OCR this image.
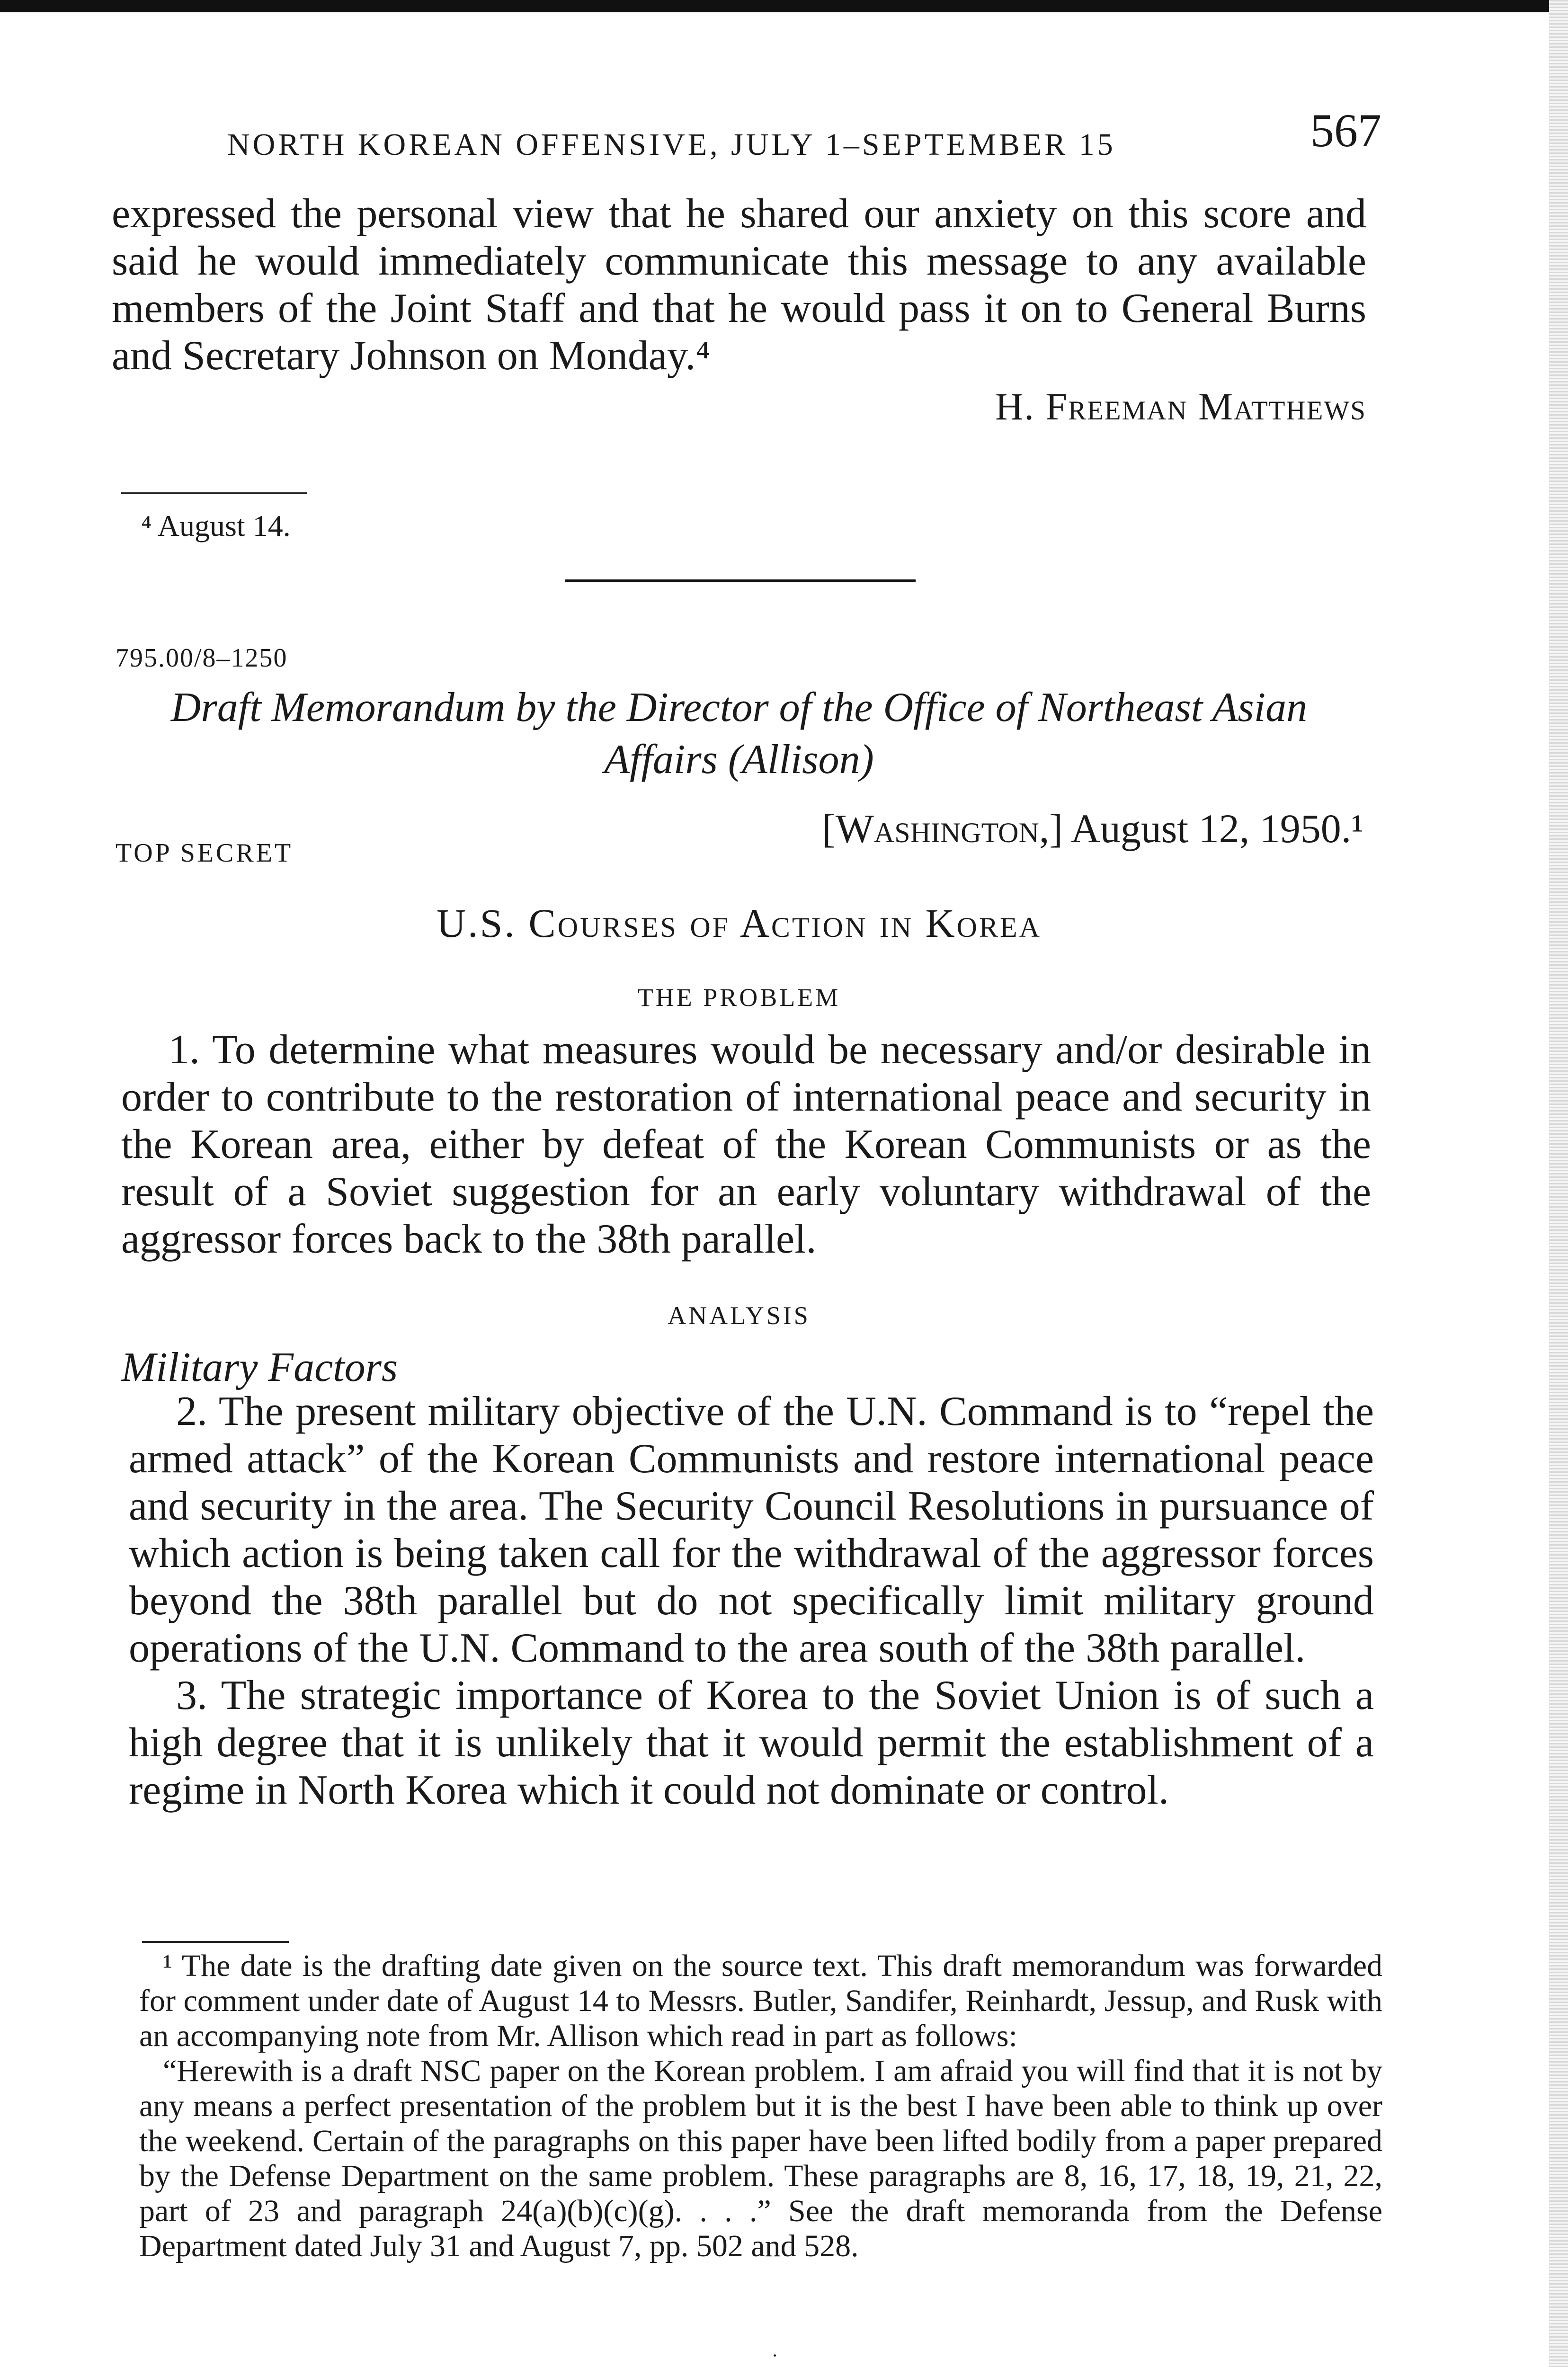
NORTH KOREAN OFFENSIVE, JULY 1–SEPTEMBER 15	567

expressed the personal view that he shared our anxiety on this score and said he would immediately communicate this message to any available members of the Joint Staff and that he would pass it on to General Burns and Secretary Johnson on Monday.⁴

H. Freeman Matthews
⁴ August 14.
795.00/8–1250
Draft Memorandum by the Director of the Office of Northeast Asian Affairs (Allison)
TOP SECRET
[Washington,] August 12, 1950.¹
U.S. Courses of Action in Korea
THE PROBLEM

1. To determine what measures would be necessary and/or desirable in order to contribute to the restoration of international peace and security in the Korean area, either by defeat of the Korean Communists or as the result of a Soviet suggestion for an early voluntary withdrawal of the aggressor forces back to the 38th parallel.

ANALYSIS
Military Factors

2. The present military objective of the U.N. Command is to “repel the armed attack” of the Korean Communists and restore international peace and security in the area. The Security Council Resolutions in pursuance of which action is being taken call for the withdrawal of the aggressor forces beyond the 38th parallel but do not specifically limit military ground operations of the U.N. Command to the area south of the 38th parallel.

3. The strategic importance of Korea to the Soviet Union is of such a high degree that it is unlikely that it would permit the establishment of a regime in North Korea which it could not dominate or control.

¹ The date is the drafting date given on the source text. This draft memorandum was forwarded for comment under date of August 14 to Messrs. Butler, Sandifer, Reinhardt, Jessup, and Rusk with an accompanying note from Mr. Allison which read in part as follows:

“Herewith is a draft NSC paper on the Korean problem. I am afraid you will find that it is not by any means a perfect presentation of the problem but it is the best I have been able to think up over the weekend. Certain of the paragraphs on this paper have been lifted bodily from a paper prepared by the Defense Department on the same problem. These paragraphs are 8, 16, 17, 18, 19, 21, 22, part of 23 and paragraph 24(a)(b)(c)(g). . . .” See the draft memoranda from the Defense Department dated July 31 and August 7, pp. 502 and 528.

·
